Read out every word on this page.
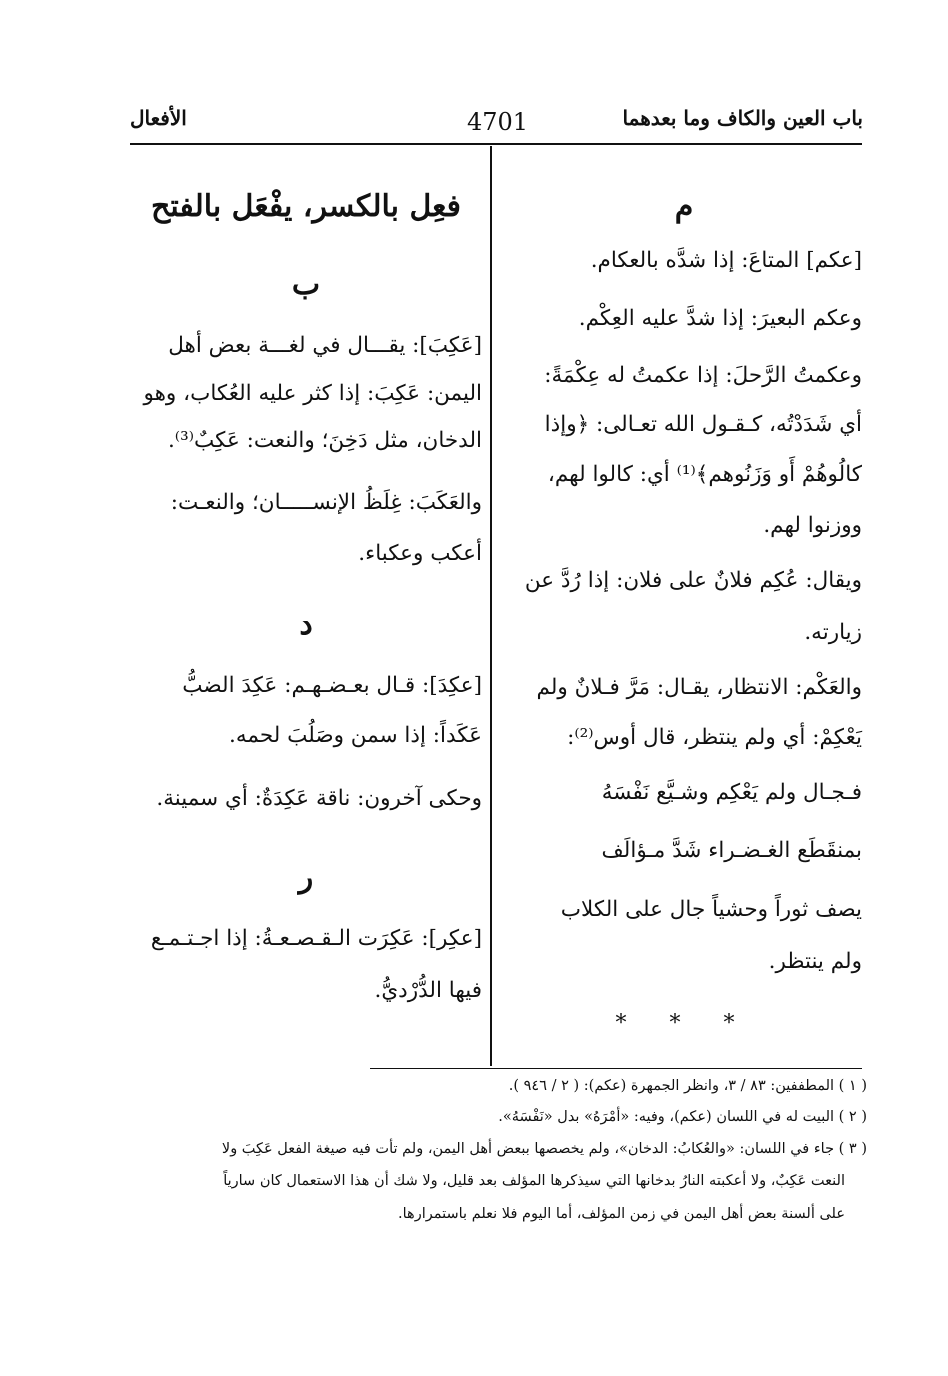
باب العين والكاف وما بعدهما
4701
الأفعال
م
[عكم] المتاعَ: إذا شدَّه بالعكام.
وعكم البعيرَ: إذا شدَّ عليه العِكْم.
وعكمتُ الرَّحلَ: إذا عكمتُ له عِكْمَةً:
أي شَدَدْتُه، كـقـول الله تعـالى: ﴿وإذا
كالُوهُمْ أَو وَزَنُوهم﴾⁽¹⁾ أي: كالوا لهم،
ووزنوا لهم.
ويقال: عُكِم فلانٌ على فلان: إذا رُدَّ عن
زيارته.
والعَكْم: الانتظار، يقـال: مَرَّ فـلانٌ ولم
يَعْكِمْ: أي ولم ينتظر، قال أوس⁽²⁾:
فـجـال ولم يَعْكِم وشـيَّع نَفْسَهُ
بمنقَطَع الغـضـراء شَدَّ مـؤالَف
يصف ثوراً وحشياً جال على الكلاب
ولم ينتظر.
* * *
فعِل بالكسر، يفْعَل بالفتح
ب
[عَكِبَ]: يقـــال في لغـــة بعض أهل
اليمن: عَكِبَ: إذا كثر عليه العُكاب، وهو
الدخان، مثل دَخِنَ؛ والنعت: عَكِبٌ⁽³⁾.
والعَكَبَ: غِلَظُ الإنســـــان؛ والنعـت:
أعكب وعكباء.
د
[عكِدَ]: قـال بعـضـهـم: عَكِدَ الضبُّ
عَكَداً: إذا سمن وصَلُبَ لحمه.
وحكى آخرون: ناقة عَكِدَةٌ: أي سمينة.
ر
[عكِر]: عَكِرَت الـقـصـعـةُ: إذا اجـتـمـع
فيها الدُّرْديُّ.
( ١ ) المطففين: ٨٣ / ٣، وانظر الجمهرة (عكم): ( ٢ / ٩٤٦ ).
( ٢ ) البيت له في اللسان (عكم)، وفيه: «أمْرَهُ» بدل «نَفْسَهُ».
( ٣ ) جاء في اللسان: «والعُكابُ: الدخان»، ولم يخصصها ببعض أهل اليمن، ولم تأت فيه صيغة الفعل عَكِبَ ولا
النعت عَكِبٌ، ولا أعكبته النارُ بدخانها التي سيذكرها المؤلف بعد قليل، ولا شك أن هذا الاستعمال كان سارياً
على ألسنة بعض أهل اليمن في زمن المؤلف، أما اليوم فلا نعلم باستمرارها.
